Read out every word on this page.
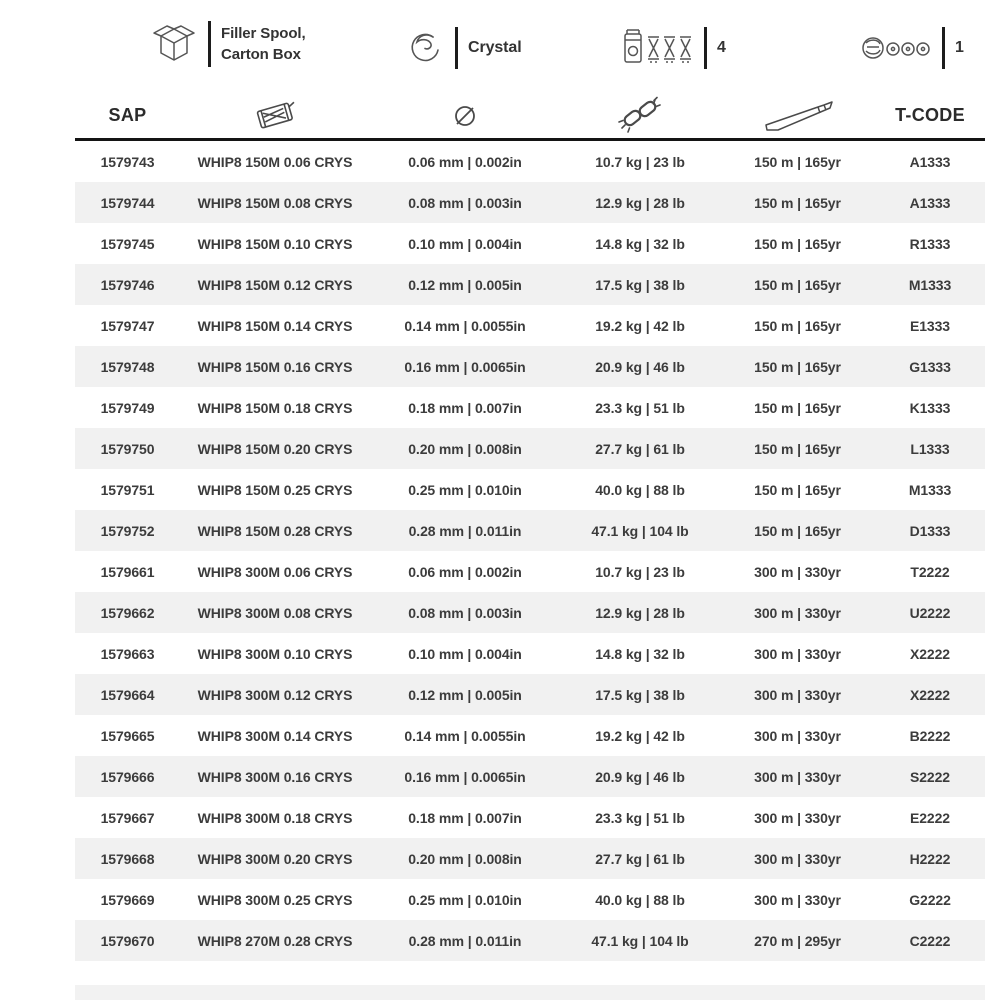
Filler Spool,
Carton Box	Crystal	4	1
SAP	T-CODE
1579743	WHIP8 150M 0.06 CRYS	0.06 mm | 0.002in	10.7 kg | 23 lb	150 m | 165yr	A1333
1579744	WHIP8 150M 0.08 CRYS	0.08 mm | 0.003in	12.9 kg | 28 lb	150 m | 165yr	A1333
1579745	WHIP8 150M 0.10 CRYS	0.10 mm | 0.004in	14.8 kg | 32 lb	150 m | 165yr	R1333
1579746	WHIP8 150M 0.12 CRYS	0.12 mm | 0.005in	17.5 kg | 38 lb	150 m | 165yr	M1333
1579747	WHIP8 150M 0.14 CRYS	0.14 mm | 0.0055in	19.2 kg | 42 lb	150 m | 165yr	E1333
1579748	WHIP8 150M 0.16 CRYS	0.16 mm | 0.0065in	20.9 kg | 46 lb	150 m | 165yr	G1333
1579749	WHIP8 150M 0.18 CRYS	0.18 mm | 0.007in	23.3 kg | 51 lb	150 m | 165yr	K1333
1579750	WHIP8 150M 0.20 CRYS	0.20 mm | 0.008in	27.7 kg | 61 lb	150 m | 165yr	L1333
1579751	WHIP8 150M 0.25 CRYS	0.25 mm | 0.010in	40.0 kg | 88 lb	150 m | 165yr	M1333
1579752	WHIP8 150M 0.28 CRYS	0.28 mm | 0.011in	47.1 kg | 104 lb	150 m | 165yr	D1333
1579661	WHIP8 300M 0.06 CRYS	0.06 mm | 0.002in	10.7 kg | 23 lb	300 m | 330yr	T2222
1579662	WHIP8 300M 0.08 CRYS	0.08 mm | 0.003in	12.9 kg | 28 lb	300 m | 330yr	U2222
1579663	WHIP8 300M 0.10 CRYS	0.10 mm | 0.004in	14.8 kg | 32 lb	300 m | 330yr	X2222
1579664	WHIP8 300M 0.12 CRYS	0.12 mm | 0.005in	17.5 kg | 38 lb	300 m | 330yr	X2222
1579665	WHIP8 300M 0.14 CRYS	0.14 mm | 0.0055in	19.2 kg | 42 lb	300 m | 330yr	B2222
1579666	WHIP8 300M 0.16 CRYS	0.16 mm | 0.0065in	20.9 kg | 46 lb	300 m | 330yr	S2222
1579667	WHIP8 300M 0.18 CRYS	0.18 mm | 0.007in	23.3 kg | 51 lb	300 m | 330yr	E2222
1579668	WHIP8 300M 0.20 CRYS	0.20 mm | 0.008in	27.7 kg | 61 lb	300 m | 330yr	H2222
1579669	WHIP8 300M 0.25 CRYS	0.25 mm | 0.010in	40.0 kg | 88 lb	300 m | 330yr	G2222
1579670	WHIP8 270M 0.28 CRYS	0.28 mm | 0.011in	47.1 kg | 104 lb	270 m | 295yr	C2222
